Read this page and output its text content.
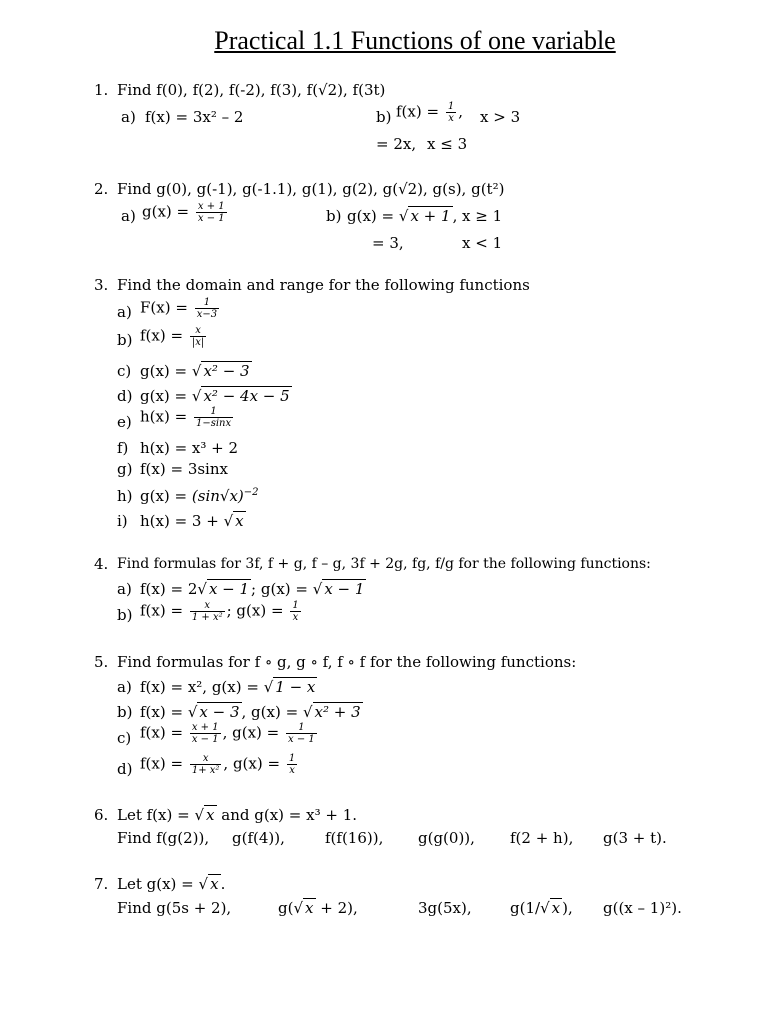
Practical 1.1 Functions of one variable
1. Find f(0), f(2), f(-2), f(3), f(√2), f(3t)
a) f(x) = 3x² – 2	b) $f(x) = \frac{1}{x}$ , x > 3
= 2x, x ≤ 3
2. Find g(0), g(-1), g(-1.1), g(1), g(2), g(√2), g(s), g(t²)
a) $g(x) = \frac{x + 1}{x - 1}$	b) g(x) = √ x + 1 , x ≥ 1
= 3,	x < 1
3. Find the domain and range for the following functions
a) $F(x) = \frac{1}{x-3}$
b) $f(x) = \frac{x}{|x|}$
c) g(x) = √ x² − 3
d) g(x) = √ x² − 4x − 5
e) $h(x) = \frac{1}{1-\sin x}$
f) h(x) = x³ + 2
g) f(x) = 3sinx
h) $g(x) = (\sin√x)^{-2}$
i) h(x) = 3 + √ x
4. Find formulas for 3f, f + g, f – g, 3f + 2g, fg, f/g for the following functions:
a) f(x) = 2√ x − 1 ; g(x) = √ x − 1
b) $f(x) = \frac{x}{\text{1 + x²}}$ ; $g(x) = \frac{1}{x}$
5. Find formulas for f ∘ g, g ∘ f, f ∘ f for the following functions:
a) f(x) = x², g(x) = √ 1 − x
b) f(x) = √ x − 3 , g(x) = √ x² + 3
c) $f(x) = \frac{x + 1}{x - 1}$ , $g(x) = \frac{1}{x - 1}$
d) $f(x) = \frac{x}{\text{1+ x²}}$ , $g(x) = \frac{1}{x}$
6. Let f(x) = √ x and g(x) = x³ + 1.
Find f(g(2)), g(f(4)),	f(f(16)), g(g(0)), f(2 + h), g(3 + t).
7. Let g(x) = √ x .
Find g(5s + 2),	g(√ x + 2),	3g(5x),	g(1/√ x ), g((x – 1)²).
